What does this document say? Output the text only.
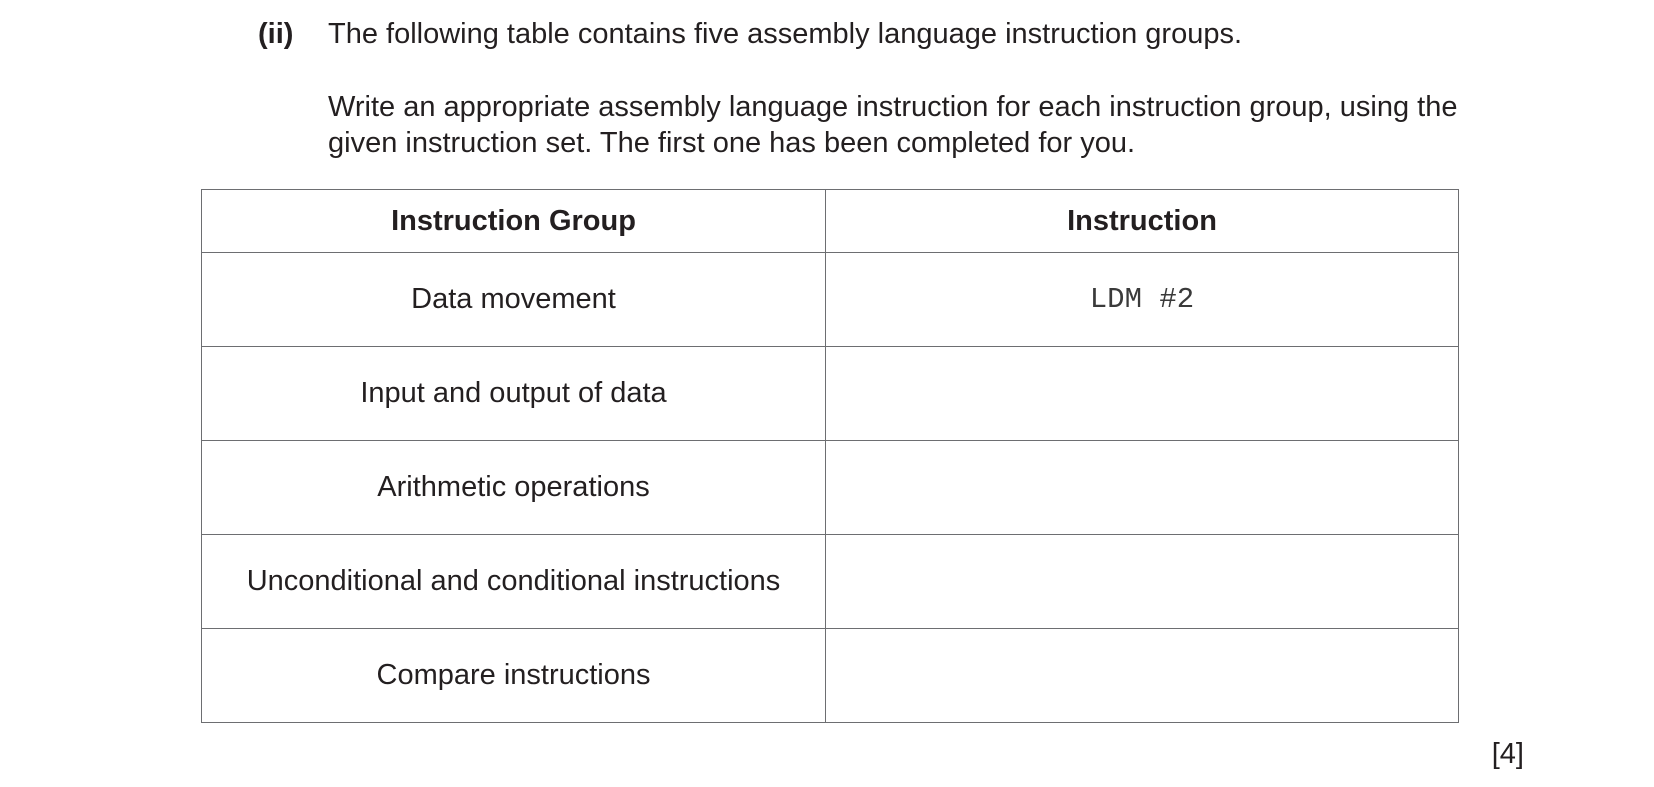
(ii) The following table contains five assembly language instruction groups.
Write an appropriate assembly language instruction for each instruction group, using the
given instruction set. The first one has been completed for you.
Instruction Group	Instruction
Data movement	LDM #2
Input and output of data	
Arithmetic operations	
Unconditional and conditional instructions	
Compare instructions	
[4]
